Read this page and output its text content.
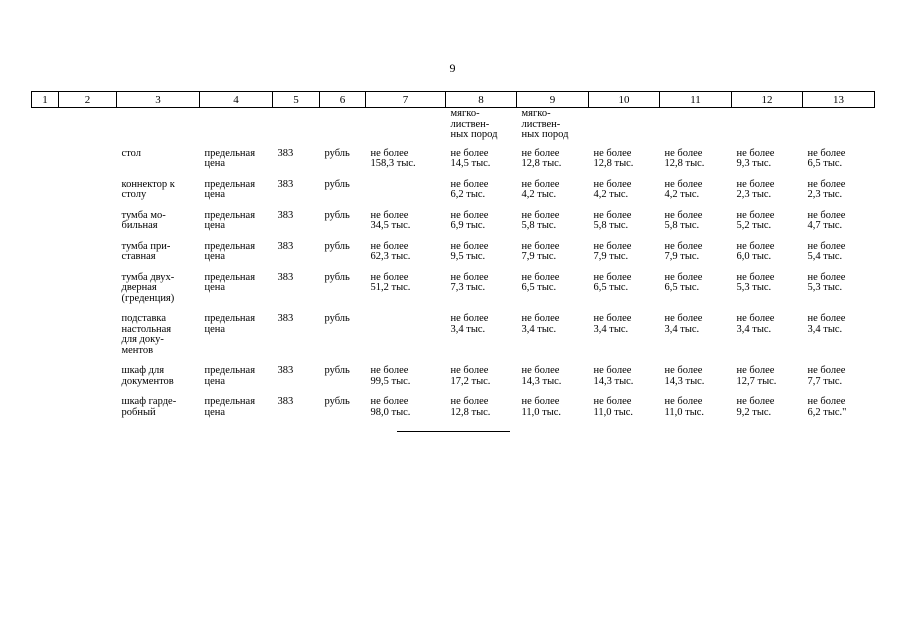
9
1	2	3	4	5	6	7	8	9	10	11	12	13

							мягко-
листвен-
ных пород	мягко-
листвен-
ных пород				

		стол	предельная
цена	383	рубль	не более
158,3 тыс.	не более
14,5 тыс.	не более
12,8 тыс.	не более
12,8 тыс.	не более
12,8 тыс.	не более
9,3 тыс.	не более
6,5 тыс.

		коннектор к
столу	предельная
цена	383	рубль		не более
6,2 тыс.	не более
4,2 тыс.	не более
4,2 тыс.	не более
4,2 тыс.	не более
2,3 тыс.	не более
2,3 тыс.

		тумба мо-
бильная	предельная
цена	383	рубль	не более
34,5 тыс.	не более
6,9 тыс.	не более
5,8 тыс.	не более
5,8 тыс.	не более
5,8 тыс.	не более
5,2 тыс.	не более
4,7 тыс.

		тумба при-
ставная	предельная
цена	383	рубль	не более
62,3 тыс.	не более
9,5 тыс.	не более
7,9 тыс.	не более
7,9 тыс.	не более
7,9 тыс.	не более
6,0 тыс.	не более
5,4 тыс.

		тумба двух-
дверная
(греденция)	предельная
цена	383	рубль	не более
51,2 тыс.	не более
7,3 тыс.	не более
6,5 тыс.	не более
6,5 тыс.	не более
6,5 тыс.	не более
5,3 тыс.	не более
5,3 тыс.

		подставка
настольная
для доку-
ментов	предельная
цена	383	рубль		не более
3,4 тыс.	не более
3,4 тыс.	не более
3,4 тыс.	не более
3,4 тыс.	не более
3,4 тыс.	не более
3,4 тыс.

		шкаф для
документов	предельная
цена	383	рубль	не более
99,5 тыс.	не более
17,2 тыс.	не более
14,3 тыс.	не более
14,3 тыс.	не более
14,3 тыс.	не более
12,7 тыс.	не более
7,7 тыс.

		шкаф гарде-
робный	предельная
цена	383	рубль	не более
98,0 тыс.	не более
12,8 тыс.	не более
11,0 тыс.	не более
11,0 тыс.	не более
11,0 тыс.	не более
9,2 тыс.	не более
6,2 тыс."
